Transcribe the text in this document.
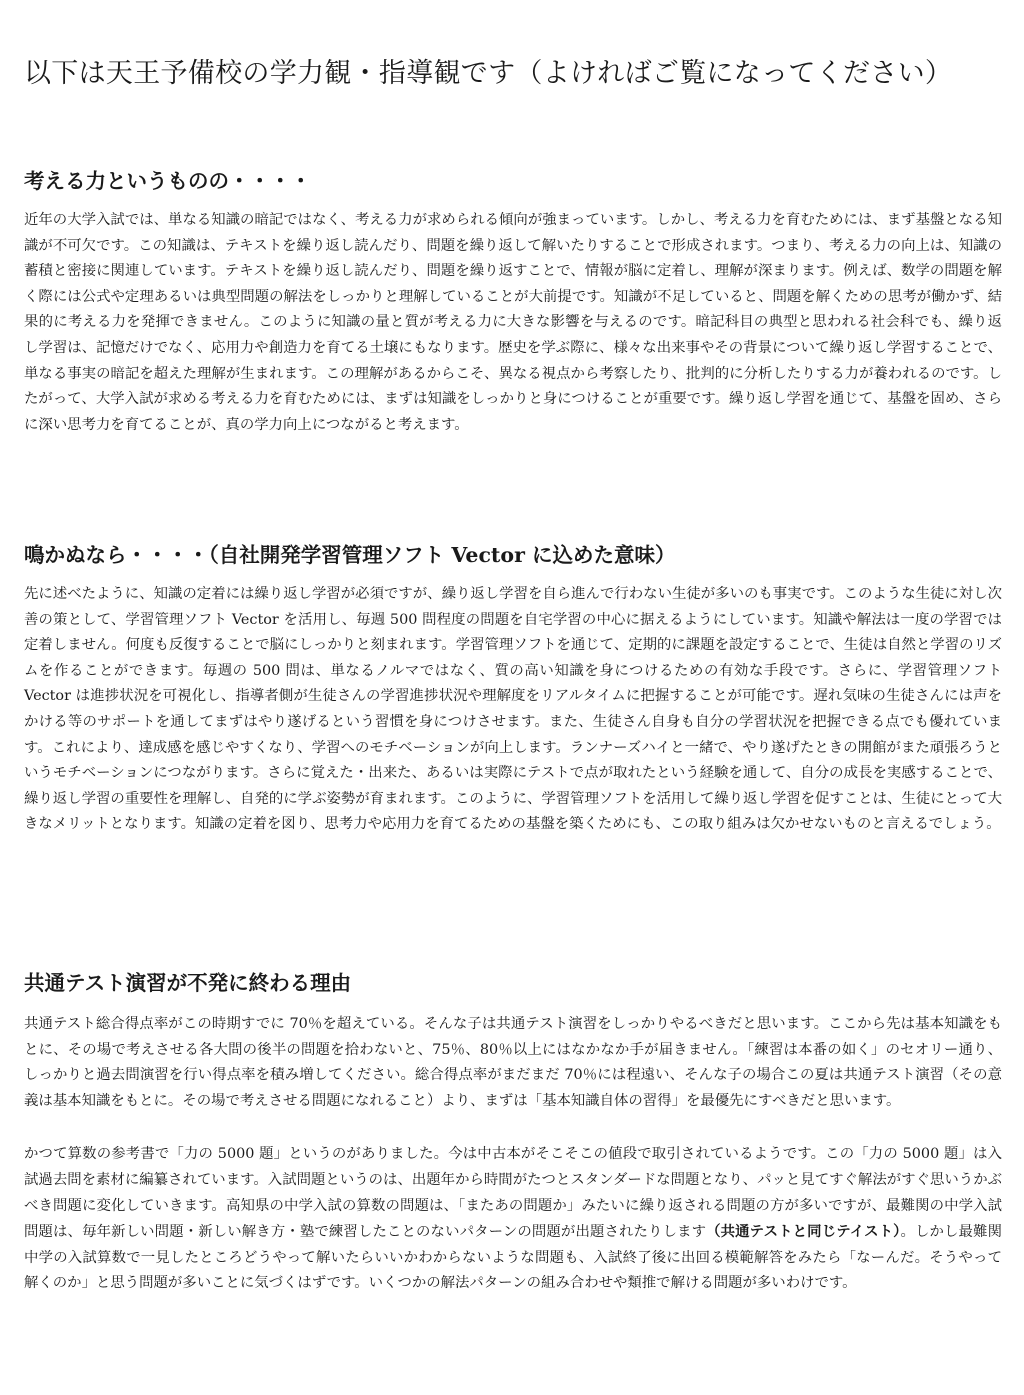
以下は天王予備校の学力観・指導観です（よければご覧になってください）
考える力というものの・・・・

近年の大学入試では、単なる知識の暗記ではなく、考える力が求められる傾向が強まっています。しかし、考える力を育むためには、まず基盤となる知識が不可欠です。この知識は、テキストを繰り返し読んだり、問題を繰り返して解いたりすることで形成されます。つまり、考える力の向上は、知識の蓄積と密接に関連しています。テキストを繰り返し読んだり、問題を繰り返すことで、情報が脳に定着し、理解が深まります。例えば、数学の問題を解く際には公式や定理あるいは典型問題の解法をしっかりと理解していることが大前提です。知識が不足していると、問題を解くための思考が働かず、結果的に考える力を発揮できません。このように知識の量と質が考える力に大きな影響を与えるのです。暗記科目の典型と思われる社会科でも、繰り返し学習は、記憶だけでなく、応用力や創造力を育てる土壌にもなります。歴史を学ぶ際に、様々な出来事やその背景について繰り返し学習することで、単なる事実の暗記を超えた理解が生まれます。この理解があるからこそ、異なる視点から考察したり、批判的に分析したりする力が養われるのです。したがって、大学入試が求める考える力を育むためには、まずは知識をしっかりと身につけることが重要です。繰り返し学習を通じて、基盤を固め、さらに深い思考力を育てることが、真の学力向上につながると考えます。

鳴かぬなら・・・・（自社開発学習管理ソフト Vector に込めた意味）

先に述べたように、知識の定着には繰り返し学習が必須ですが、繰り返し学習を自ら進んで行わない生徒が多いのも事実です。このような生徒に対し次善の策として、学習管理ソフト Vector を活用し、毎週 500 問程度の問題を自宅学習の中心に据えるようにしています。知識や解法は一度の学習では定着しません。何度も反復することで脳にしっかりと刻まれます。学習管理ソフトを通じて、定期的に課題を設定することで、生徒は自然と学習のリズムを作ることができます。毎週の 500 問は、単なるノルマではなく、質の高い知識を身につけるための有効な手段です。さらに、学習管理ソフト Vector は進捗状況を可視化し、指導者側が生徒さんの学習進捗状況や理解度をリアルタイムに把握することが可能です。遅れ気味の生徒さんには声をかける等のサポートを通してまずはやり遂げるという習慣を身につけさせます。また、生徒さん自身も自分の学習状況を把握できる点でも優れています。これにより、達成感を感じやすくなり、学習へのモチベーションが向上します。ランナーズハイと一緒で、やり遂げたときの開館がまた頑張ろうというモチベーションにつながります。さらに覚えた・出来た、あるいは実際にテストで点が取れたという経験を通して、自分の成長を実感することで、繰り返し学習の重要性を理解し、自発的に学ぶ姿勢が育まれます。このように、学習管理ソフトを活用して繰り返し学習を促すことは、生徒にとって大きなメリットとなります。知識の定着を図り、思考力や応用力を育てるための基盤を築くためにも、この取り組みは欠かせないものと言えるでしょう。

共通テスト演習が不発に終わる理由

共通テスト総合得点率がこの時期すでに 70％を超えている。そんな子は共通テスト演習をしっかりやるべきだと思います。ここから先は基本知識をもとに、その場で考えさせる各大問の後半の問題を拾わないと、75％、80％以上にはなかなか手が届きません。「練習は本番の如く」のセオリー通り、しっかりと過去問演習を行い得点率を積み増してください。総合得点率がまだまだ 70％には程遠い、そんな子の場合この夏は共通テスト演習（その意義は基本知識をもとに。その場で考えさせる問題になれること）より、まずは「基本知識自体の習得」を最優先にすべきだと思います。

かつて算数の参考書で「力の 5000 題」というのがありました。今は中古本がそこそこの値段で取引されているようです。この「力の 5000 題」は入試過去問を素材に編纂されています。入試問題というのは、出題年から時間がたつとスタンダードな問題となり、パッと見てすぐ解法がすぐ思いうかぶべき問題に変化していきます。高知県の中学入試の算数の問題は、「またあの問題か」みたいに繰り返される問題の方が多いですが、最難関の中学入試問題は、毎年新しい問題・新しい解き方・塾で練習したことのないパターンの問題が出題されたりします（共通テストと同じテイスト）。しかし最難関中学の入試算数で一見したところどうやって解いたらいいかわからないような問題も、入試終了後に出回る模範解答をみたら「なーんだ。そうやって解くのか」と思う問題が多いことに気づくはずです。いくつかの解法パターンの組み合わせや類推で解ける問題が多いわけです。
